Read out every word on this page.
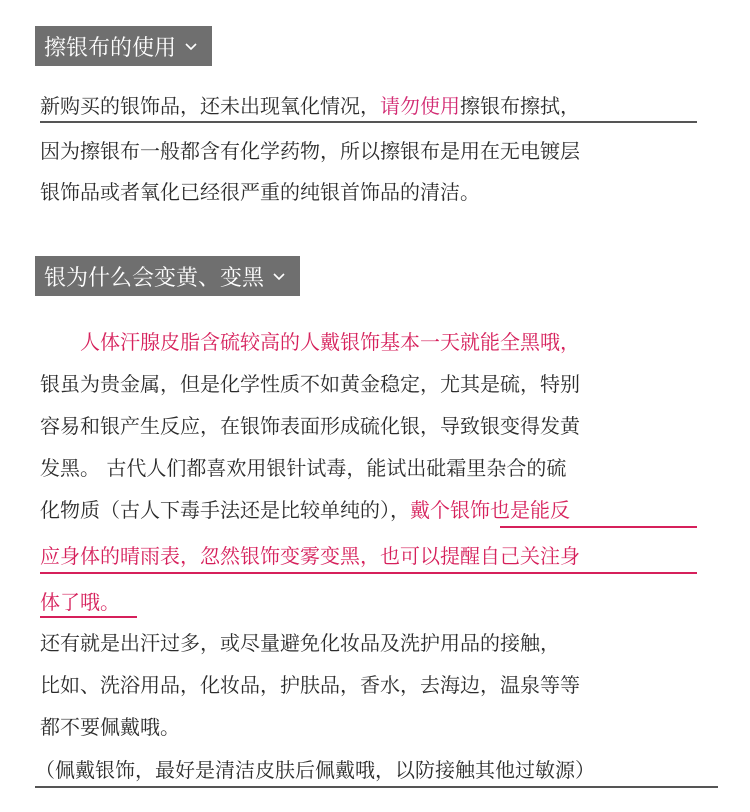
擦银布的使用
新购买的银饰品，还未出现氧化情况，请勿使用擦银布擦拭，
因为擦银布一般都含有化学药物，所以擦银布是用在无电镀层
银饰品或者氧化已经很严重的纯银首饰品的清洁。
银为什么会变黄、变黑
人体汗腺皮脂含硫较高的人戴银饰基本一天就能全黑哦，
银虽为贵金属，但是化学性质不如黄金稳定，尤其是硫，特别
容易和银产生反应，在银饰表面形成硫化银，导致银变得发黄
发黑。 古代人们都喜欢用银针试毒，能试出砒霜里杂合的硫
化物质（古人下毒手法还是比较单纯的），戴个银饰也是能反
应身体的晴雨表，忽然银饰变雾变黑，也可以提醒自己关注身
体了哦。
还有就是出汗过多，或尽量避免化妆品及洗护用品的接触，
比如、洗浴用品，化妆品，护肤品，香水，去海边，温泉等等
都不要佩戴哦。
（佩戴银饰，最好是清洁皮肤后佩戴哦，以防接触其他过敏源）
